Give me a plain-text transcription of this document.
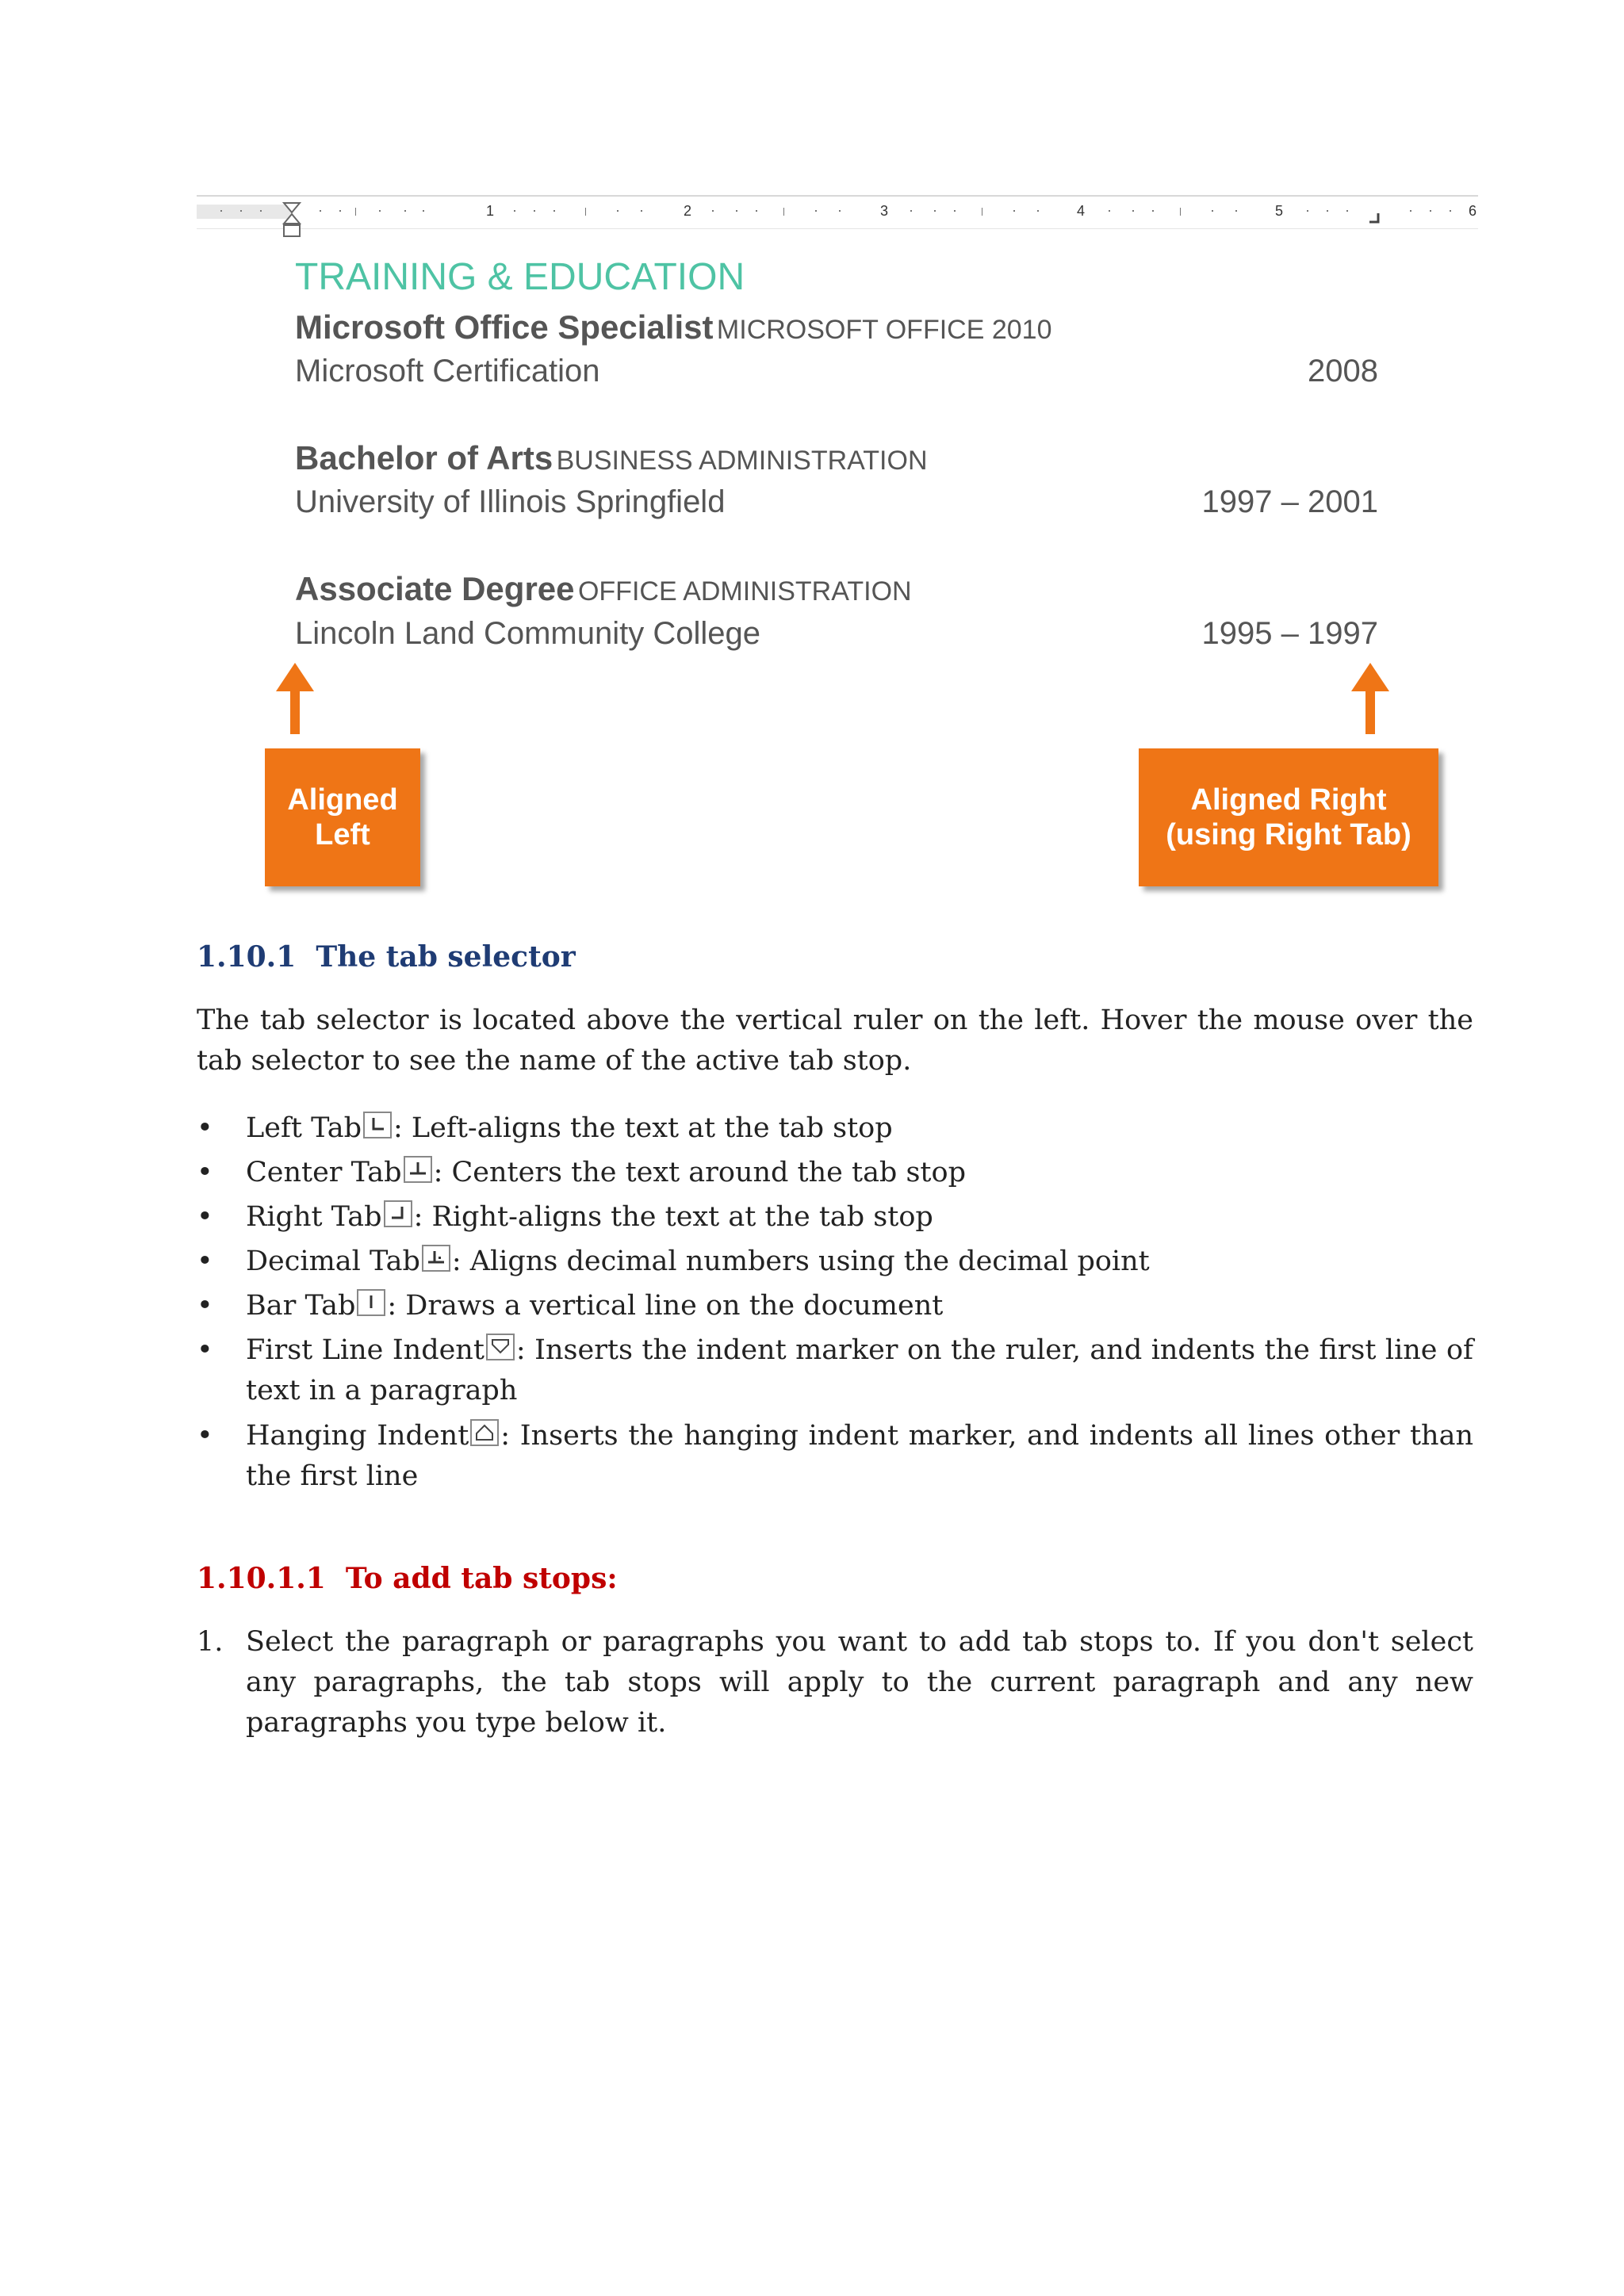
1	2	3	4	5	6
TRAINING & EDUCATION
Microsoft Office Specialist MICROSOFT OFFICE 2010
Microsoft Certification	2008
Bachelor of Arts BUSINESS ADMINISTRATION
University of Illinois Springfield	1997 – 2001
Associate Degree OFFICE ADMINISTRATION
Lincoln Land Community College	1995 – 1997
Aligned
Left
Aligned Right
(using Right Tab)
1.10.1 The tab selector
The tab selector is located above the vertical ruler on the left. Hover the mouse over the tab selector to see the name of the active tab stop.
• Left Tab : Left-aligns the text at the tab stop
• Center Tab : Centers the text around the tab stop
• Right Tab : Right-aligns the text at the tab stop
• Decimal Tab : Aligns decimal numbers using the decimal point
• Bar Tab : Draws a vertical line on the document
• First Line Indent : Inserts the indent marker on the ruler, and indents the first line of text in a paragraph
• Hanging Indent : Inserts the hanging indent marker, and indents all lines other than the first line
1.10.1.1 To add tab stops:
1. Select the paragraph or paragraphs you want to add tab stops to. If you don't select any paragraphs, the tab stops will apply to the current paragraph and any new paragraphs you type below it.
